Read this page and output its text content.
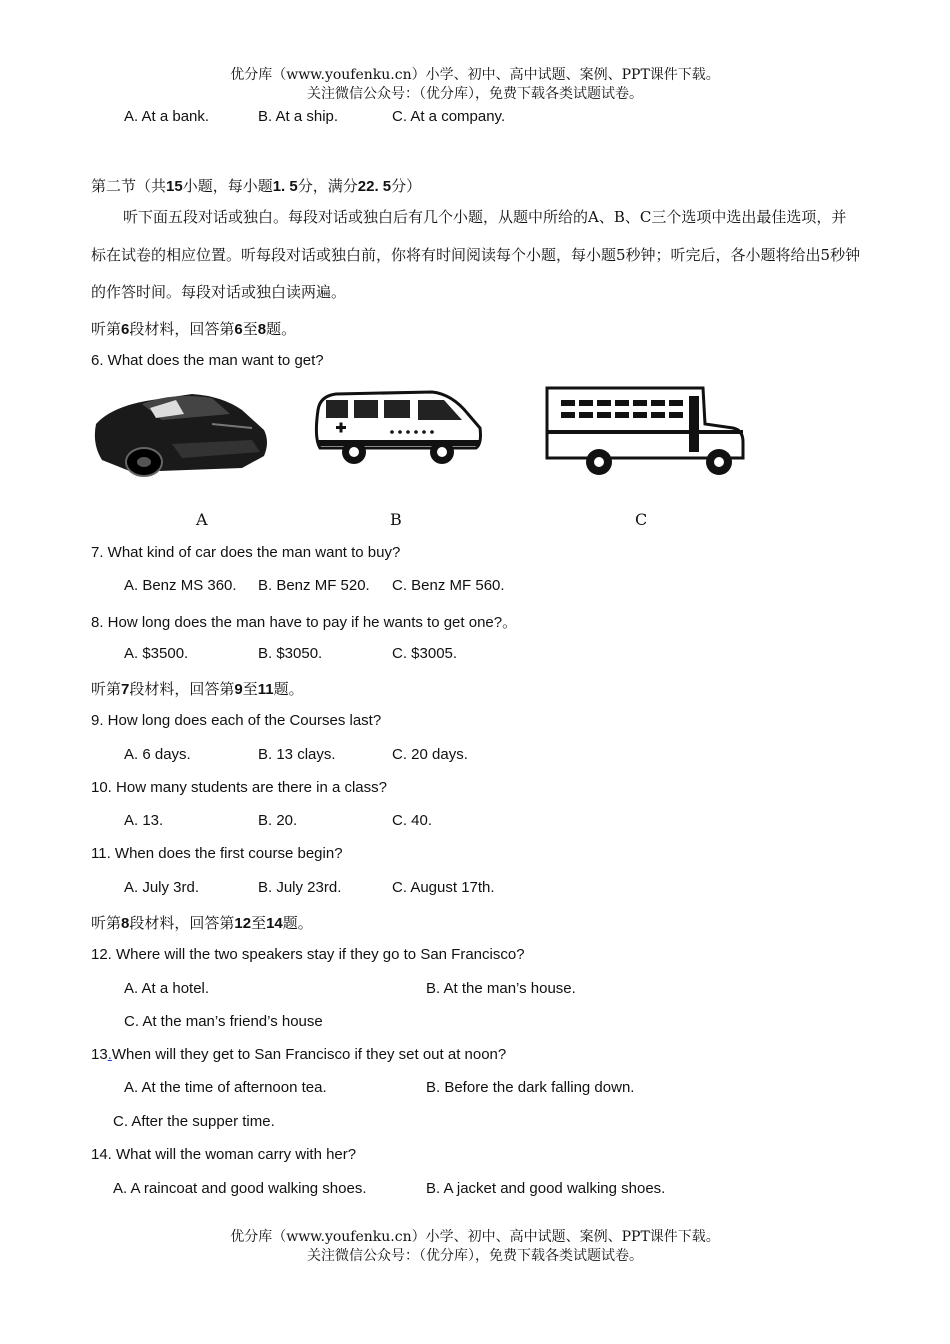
优分库（www.youfenku.cn）小学、初中、高中试题、案例、PPT课件下载。
关注微信公众号：（优分库），免费下载各类试题试卷。
A. At a bank.	B. At a ship.	C. At a company.
第二节（共15小题，每小题1. 5分，满分22. 5分）
听下面五段对话或独白。每段对话或独白后有几个小题，从题中所给的A、B、C三个选项中选出最佳选项，并标在试卷的相应位置。听每段对话或独白前，你将有时间阅读每个小题，每小题5秒钟；听完后，各小题将给出5秒钟的作答时间。每段对话或独白读两遍。
听第6段材料，回答第6至8题。
6. What does the man want to get?
A	B	C
7. What kind of car does the man want to buy?
A. Benz MS 360. B. Benz MF 520. C. Benz MF 560.
8. How long does the man have to pay if he wants to get one?。
A. $3500.	B. $3050.	C. $3005.
听第7段材料，回答第9至11题。
9. How long does each of the Courses last?
A. 6 days.	B. 13 clays.	C. 20 days.
10. How many students are there in a class?
A. 13.	B. 20.	C. 40.
11. When does the first course begin?
A. July 3rd.	B. July 23rd.	C. August 17th.
听第8段材料，回答第12至14题。
12. Where will the two speakers stay if they go to San Francisco?
A. At a hotel.	B. At the man’s house.
C. At the man’s friend’s house
13.When will they get to San Francisco if they set out at noon?
A. At the time of afternoon tea.	B. Before the dark falling down.
C. After the supper time.
14. What will the woman carry with her?
A. A raincoat and good walking shoes.	B. A jacket and good walking shoes.
优分库（www.youfenku.cn）小学、初中、高中试题、案例、PPT课件下载。
关注微信公众号：（优分库），免费下载各类试题试卷。
